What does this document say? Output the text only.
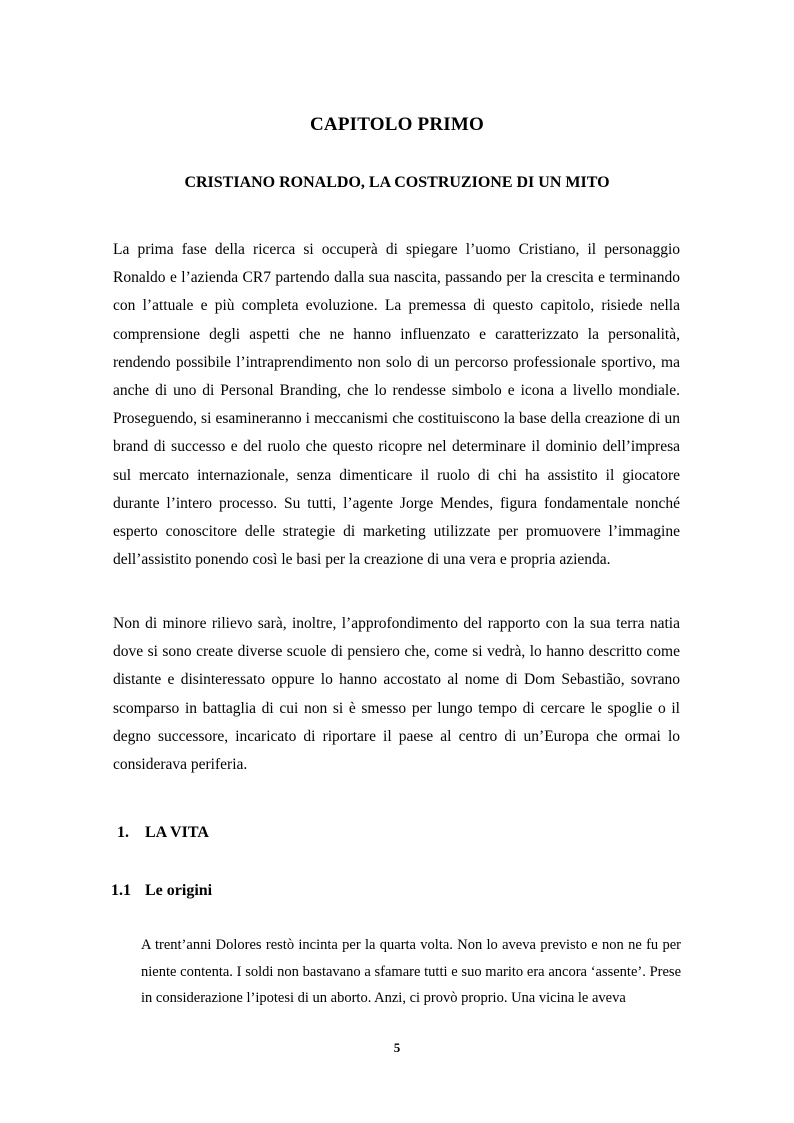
CAPITOLO PRIMO
CRISTIANO RONALDO, LA COSTRUZIONE DI UN MITO

La prima fase della ricerca si occuperà di spiegare l’uomo Cristiano, il personaggio Ronaldo e l’azienda CR7 partendo dalla sua nascita, passando per la crescita e terminando con l’attuale e più completa evoluzione. La premessa di questo capitolo, risiede nella comprensione degli aspetti che ne hanno influenzato e caratterizzato la personalità, rendendo possibile l’intraprendimento non solo di un percorso professionale sportivo, ma anche di uno di Personal Branding, che lo rendesse simbolo e icona a livello mondiale. Proseguendo, si esamineranno i meccanismi che costituiscono la base della creazione di un brand di successo e del ruolo che questo ricopre nel determinare il dominio dell’impresa sul mercato internazionale, senza dimenticare il ruolo di chi ha assistito il giocatore durante l’intero processo. Su tutti, l’agente Jorge Mendes, figura fondamentale nonché esperto conoscitore delle strategie di marketing utilizzate per promuovere l’immagine dell’assistito ponendo così le basi per la creazione di una vera e propria azienda.

Non di minore rilievo sarà, inoltre, l’approfondimento del rapporto con la sua terra natia dove si sono create diverse scuole di pensiero che, come si vedrà, lo hanno descritto come distante e disinteressato oppure lo hanno accostato al nome di Dom Sebastião, sovrano scomparso in battaglia di cui non si è smesso per lungo tempo di cercare le spoglie o il degno successore, incaricato di riportare il paese al centro di un’Europa che ormai lo considerava periferia.

1. LA VITA
1.1 Le origini

A trent’anni Dolores restò incinta per la quarta volta. Non lo aveva previsto e non ne fu per niente contenta. I soldi non bastavano a sfamare tutti e suo marito era ancora ‘assente’. Prese in considerazione l’ipotesi di un aborto. Anzi, ci provò proprio. Una vicina le aveva

5
